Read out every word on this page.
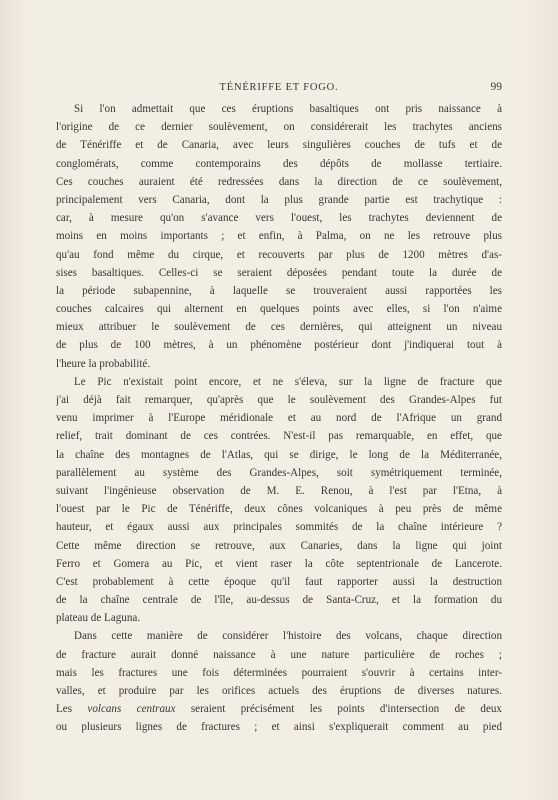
TÉNÉRIFFE ET FOGO.	99
Si l'on admettait que ces éruptions basaltiques ont pris naissance à
l'origine de ce dernier soulèvement, on considérerait les trachytes anciens
de Ténériffe et de Canaria, avec leurs singulières couches de tufs et de
conglomérats, comme contemporains des dépôts de mollasse tertiaire.
Ces couches auraient été redressées dans la direction de ce soulèvement,
principalement vers Canaria, dont la plus grande partie est trachytique :
car, à mesure qu'on s'avance vers l'ouest, les trachytes deviennent de
moins en moins importants ; et enfin, à Palma, on ne les retrouve plus
qu'au fond même du cirque, et recouverts par plus de 1200 mètres d'as-
sises basaltiques. Celles-ci se seraient déposées pendant toute la durée de
la période subapennine, à laquelle se trouveraient aussi rapportées les
couches calcaires qui alternent en quelques points avec elles, si l'on n'aime
mieux attribuer le soulèvement de ces dernières, qui atteignent un niveau
de plus de 100 mètres, à un phénomène postérieur dont j'indiquerai tout à
l'heure la probabilité.
Le Pic n'existait point encore, et ne s'éleva, sur la ligne de fracture que
j'ai déjà fait remarquer, qu'après que le soulèvement des Grandes-Alpes fut
venu imprimer à l'Europe méridionale et au nord de l'Afrique un grand
relief, trait dominant de ces contrées. N'est-il pas remarquable, en effet, que
la chaîne des montagnes de l'Atlas, qui se dirige, le long de la Méditerranée,
parallèlement au système des Grandes-Alpes, soit symétriquement terminée,
suivant l'ingénieuse observation de M. E. Renou, à l'est par l'Etna, à
l'ouest par le Pic de Ténériffe, deux cônes volcaniques à peu près de même
hauteur, et égaux aussi aux principales sommités de la chaîne intérieure ?
Cette même direction se retrouve, aux Canaries, dans la ligne qui joint
Ferro et Gomera au Pic, et vient raser la côte septentrionale de Lancerote.
C'est probablement à cette époque qu'il faut rapporter aussi la destruction
de la chaîne centrale de l'île, au-dessus de Santa-Cruz, et la formation du
plateau de Laguna.
Dans cette manière de considérer l'histoire des volcans, chaque direction
de fracture aurait donné naissance à une nature particulière de roches ;
mais les fractures une fois déterminées pourraient s'ouvrir à certains inter-
valles, et produire par les orifices actuels des éruptions de diverses natures.
Les volcans centraux seraient précisément les points d'intersection de deux
ou plusieurs lignes de fractures ; et ainsi s'expliquerait comment au pied
